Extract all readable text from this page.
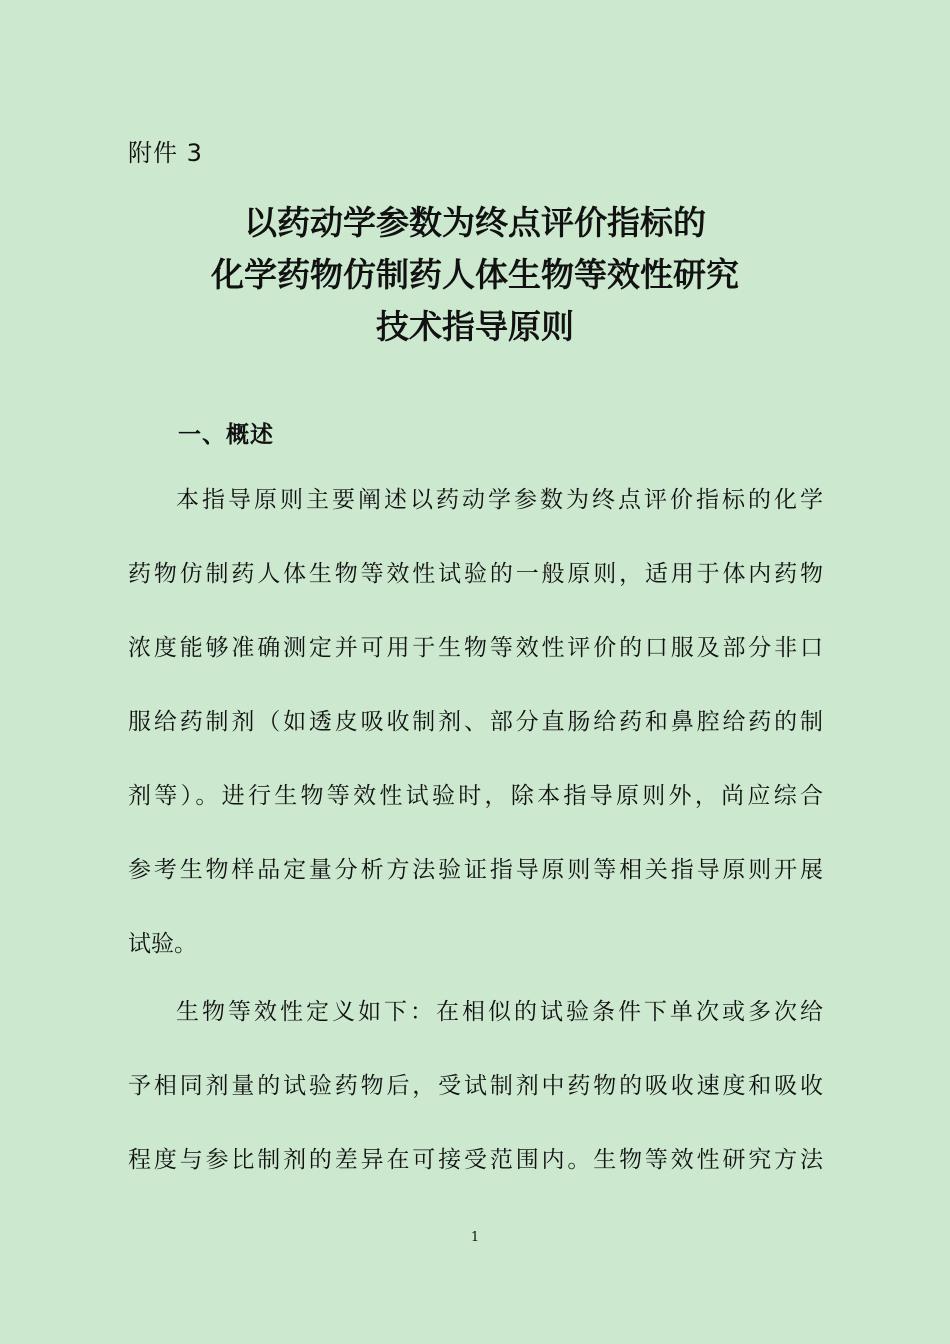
附件 3
以药动学参数为终点评价指标的
化学药物仿制药人体生物等效性研究
技术指导原则
一、概述
本指导原则主要阐述以药动学参数为终点评价指标的化学
药物仿制药人体生物等效性试验的一般原则，适用于体内药物
浓度能够准确测定并可用于生物等效性评价的口服及部分非口
服给药制剂（如透皮吸收制剂、部分直肠给药和鼻腔给药的制
剂等）。进行生物等效性试验时，除本指导原则外，尚应综合
参考生物样品定量分析方法验证指导原则等相关指导原则开展
试验。
生物等效性定义如下：在相似的试验条件下单次或多次给
予相同剂量的试验药物后，受试制剂中药物的吸收速度和吸收
程度与参比制剂的差异在可接受范围内。生物等效性研究方法
1
